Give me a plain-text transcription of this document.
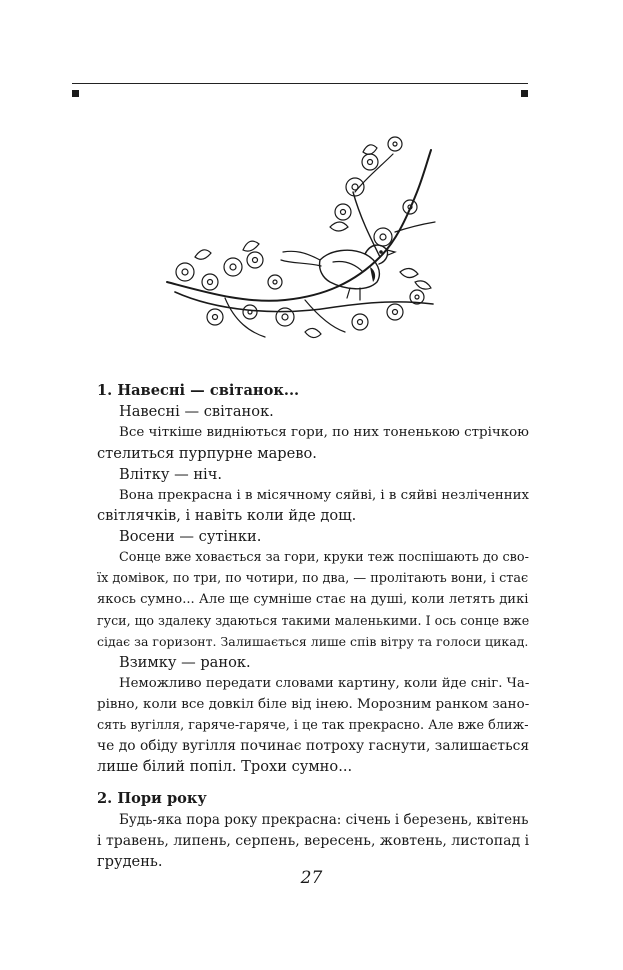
1. Навесні — світанок...
Навесні — світанок.
Все чіткіше видніються гори, по них тоненькою стрічкою
стелиться пурпурне марево.
Влітку — ніч.
Вона прекрасна і в місячному сяйві, і в сяйві незліченних
світлячків, і навіть коли йде дощ.
Восени — сутінки.
Сонце вже ховається за гори, круки теж поспішають до сво-
їх домівок, по три, по чотири, по два, — пролітають вони, і стає
якось сумно... Але ще сумніше стає на душі, коли летять дикі
гуси, що здалеку здаються такими маленькими. І ось сонце вже
сідає за горизонт. Залишається лише спів вітру та голоси цикад.
Взимку — ранок.
Неможливо передати словами картину, коли йде сніг. Ча-
рівно, коли все довкіл біле від інею. Морозним ранком зано-
сять вугілля, гаряче-гаряче, і це так прекрасно. Але вже ближ-
че до обіду вугілля починає потроху гаснути, залишається
лише білий попіл. Трохи сумно...
2. Пори року
Будь-яка пора року прекрасна: січень і березень, квітень
і травень, липень, серпень, вересень, жовтень, листопад і
грудень.
27
